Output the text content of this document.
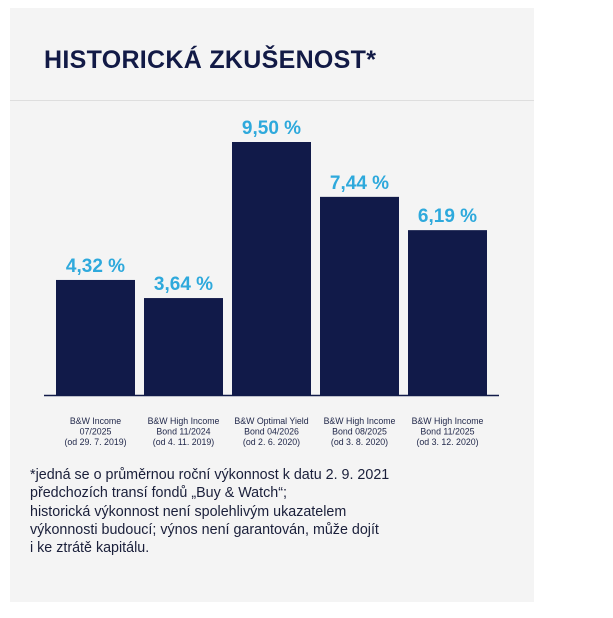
HISTORICKÁ ZKUŠENOST*
4,32 %
3,64 %
9,50 %
7,44 %
6,19 %
B&W Income
07/2025
(od 29. 7. 2019)
B&W High Income
Bond 11/2024
(od 4. 11. 2019)
B&W Optimal Yield
Bond 04/2026
(od 2. 6. 2020)
B&W High Income
Bond 08/2025
(od 3. 8. 2020)
B&W High Income
Bond 11/2025
(od 3. 12. 2020)

*jedná se o průměrnou roční výkonnost k datu 2. 9. 2021
předchozích transí fondů „Buy & Watch“;
historická výkonnost není spolehlivým ukazatelem
výkonnosti budoucí; výnos není garantován, může dojít
i ke ztrátě kapitálu.
